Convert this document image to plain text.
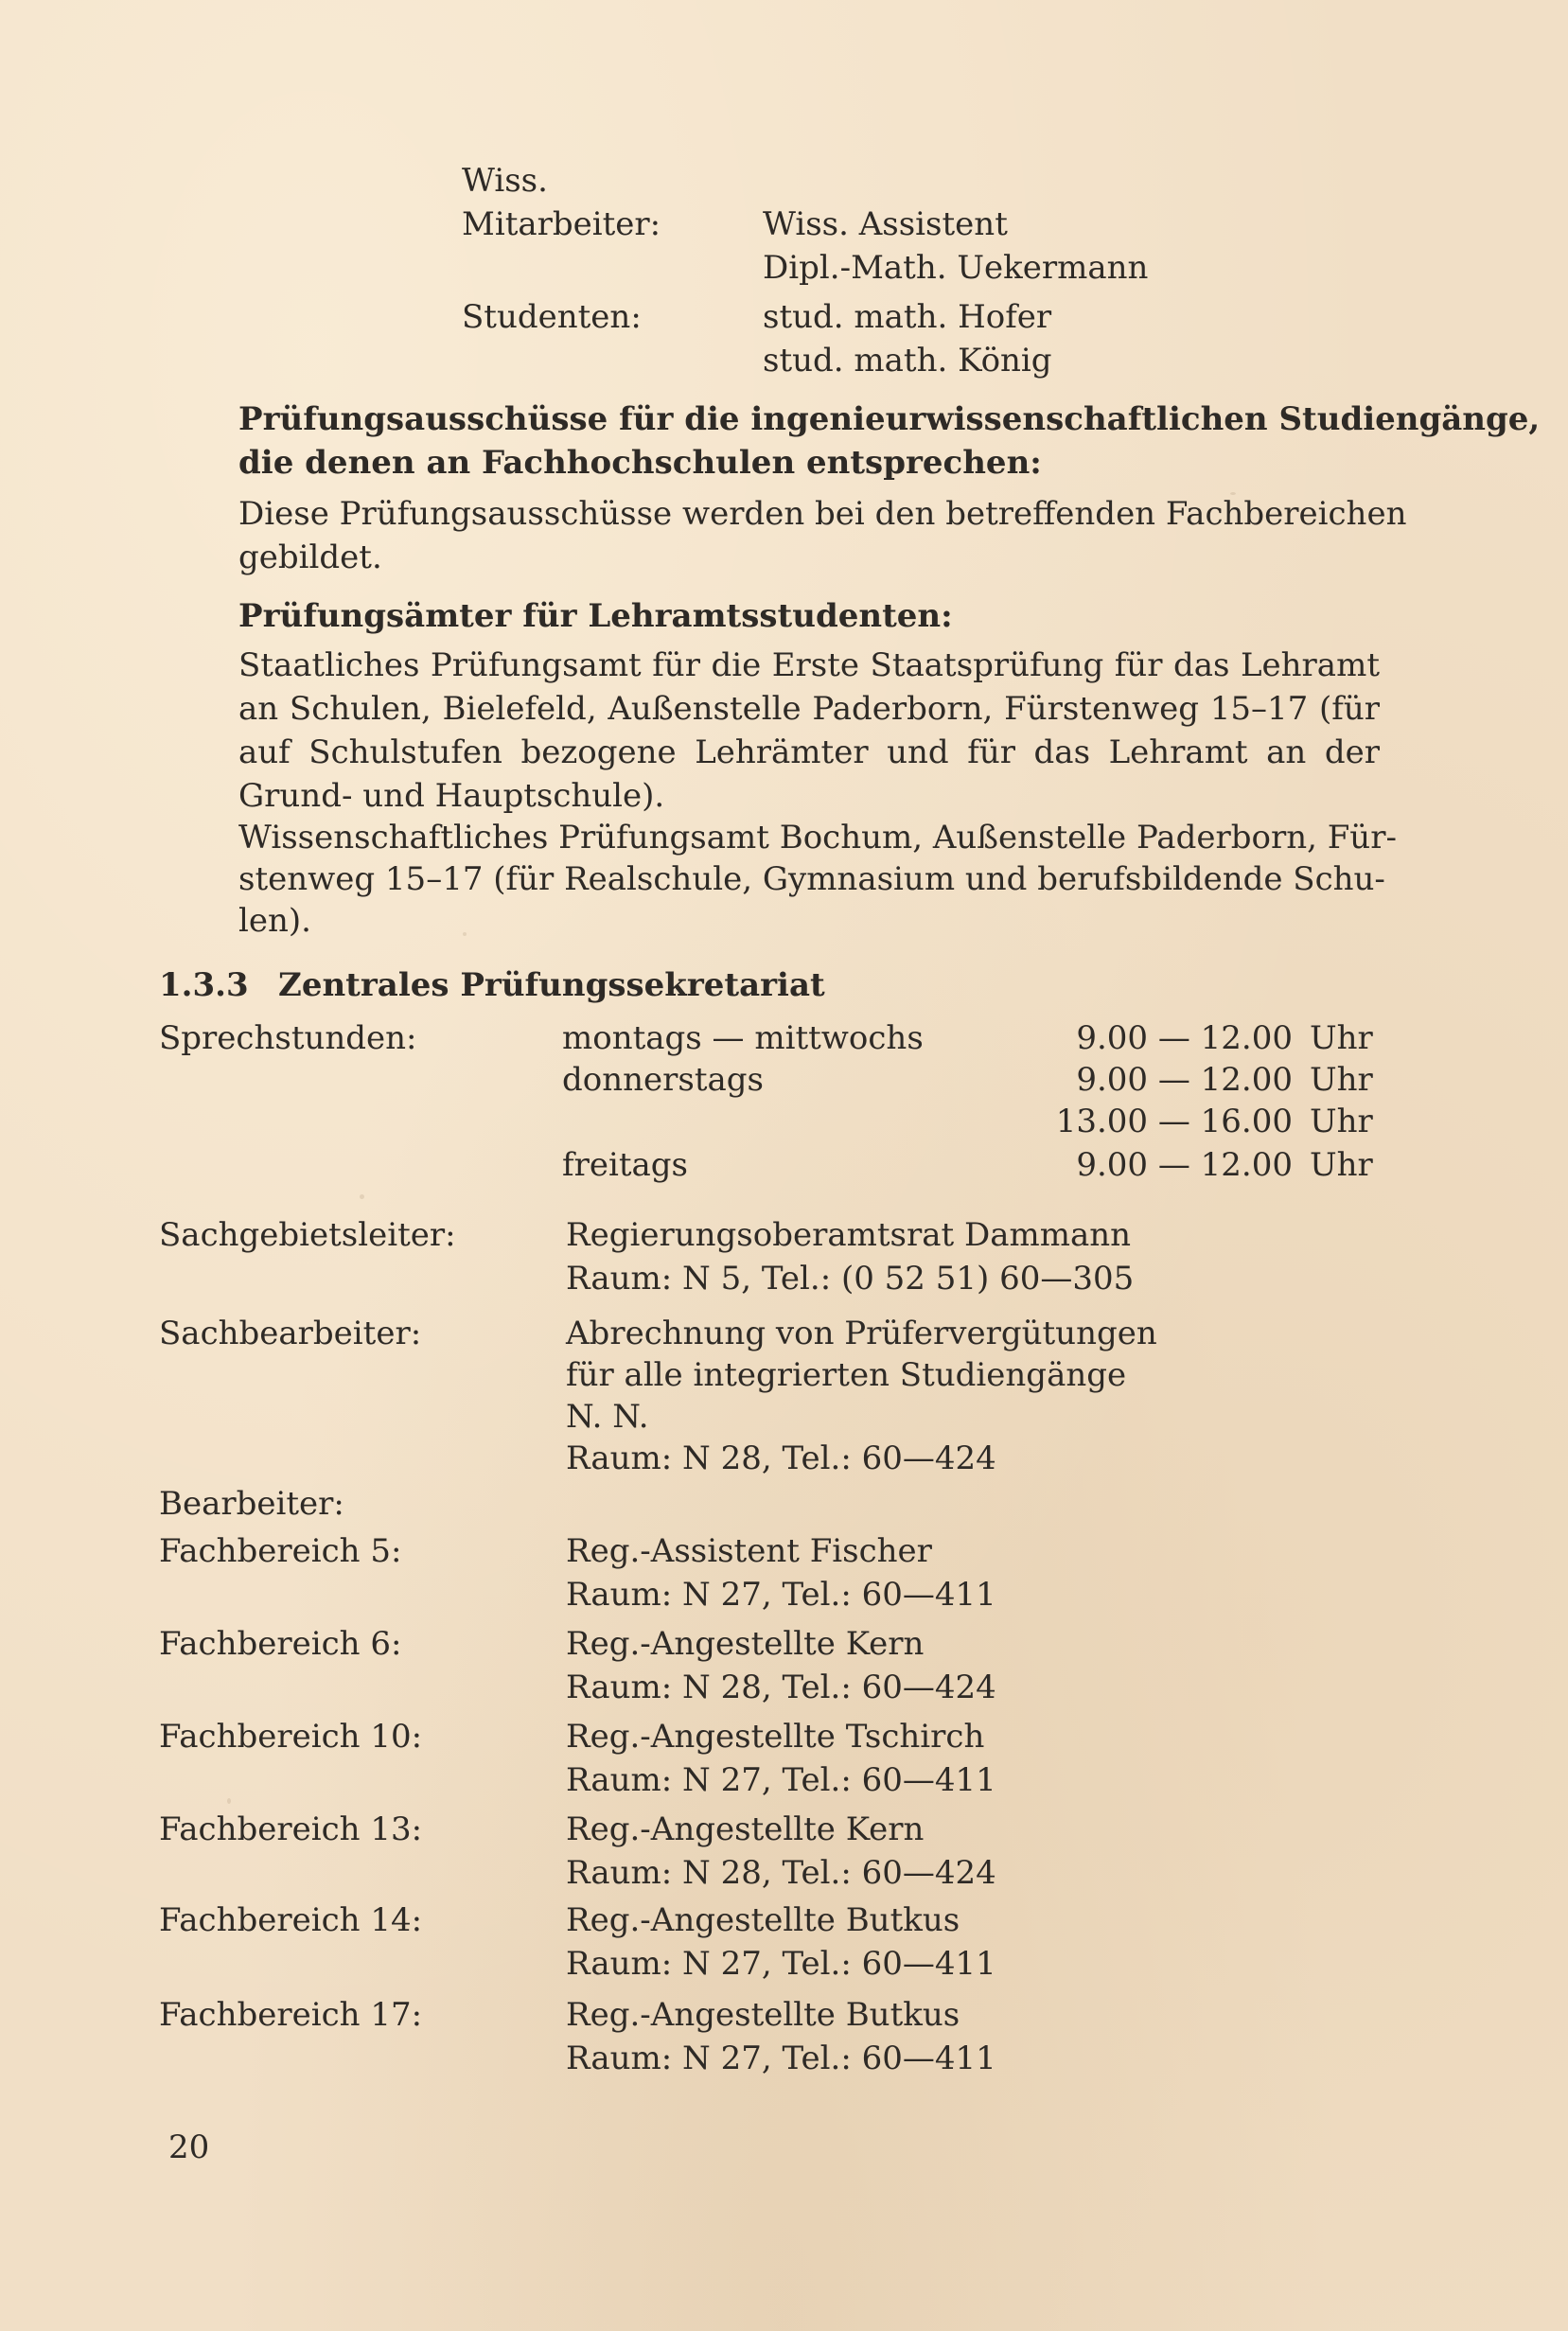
Wiss.
Mitarbeiter:	Wiss. Assistent
Dipl.-Math. Uekermann
Studenten:	stud. math. Hofer
stud. math. König
Prüfungsausschüsse für die ingenieurwissenschaftlichen Studiengänge,
die denen an Fachhochschulen entsprechen:
Diese Prüfungsausschüsse werden bei den betreffenden Fachbereichen
gebildet.
Prüfungsämter für Lehramtsstudenten:
Staatliches Prüfungsamt für die Erste Staatsprüfung für das Lehramt
an Schulen, Bielefeld, Außenstelle Paderborn, Fürstenweg 15–17 (für
auf Schulstufen bezogene Lehrämter und für das Lehramt an der
Grund- und Hauptschule).
Wissenschaftliches Prüfungsamt Bochum, Außenstelle Paderborn, Für-
stenweg 15–17 (für Realschule, Gymnasium und berufsbildende Schu-
len).
1.3.3 Zentrales Prüfungssekretariat
Sprechstunden:	montags — mittwochs	9.00 — 12.00 Uhr
donnerstags	9.00 — 12.00 Uhr
13.00 — 16.00 Uhr
freitags	9.00 — 12.00 Uhr
Sachgebietsleiter:	Regierungsoberamtsrat Dammann
Raum: N 5, Tel.: (0 52 51) 60—305
Sachbearbeiter:	Abrechnung von Prüfervergütungen
für alle integrierten Studiengänge
N. N.
Raum: N 28, Tel.: 60—424
Bearbeiter:
Fachbereich 5:	Reg.-Assistent Fischer
Raum: N 27, Tel.: 60—411
Fachbereich 6:	Reg.-Angestellte Kern
Raum: N 28, Tel.: 60—424
Fachbereich 10:	Reg.-Angestellte Tschirch
Raum: N 27, Tel.: 60—411
Fachbereich 13:	Reg.-Angestellte Kern
Raum: N 28, Tel.: 60—424
Fachbereich 14:	Reg.-Angestellte Butkus
Raum: N 27, Tel.: 60—411
Fachbereich 17:	Reg.-Angestellte Butkus
Raum: N 27, Tel.: 60—411
20
